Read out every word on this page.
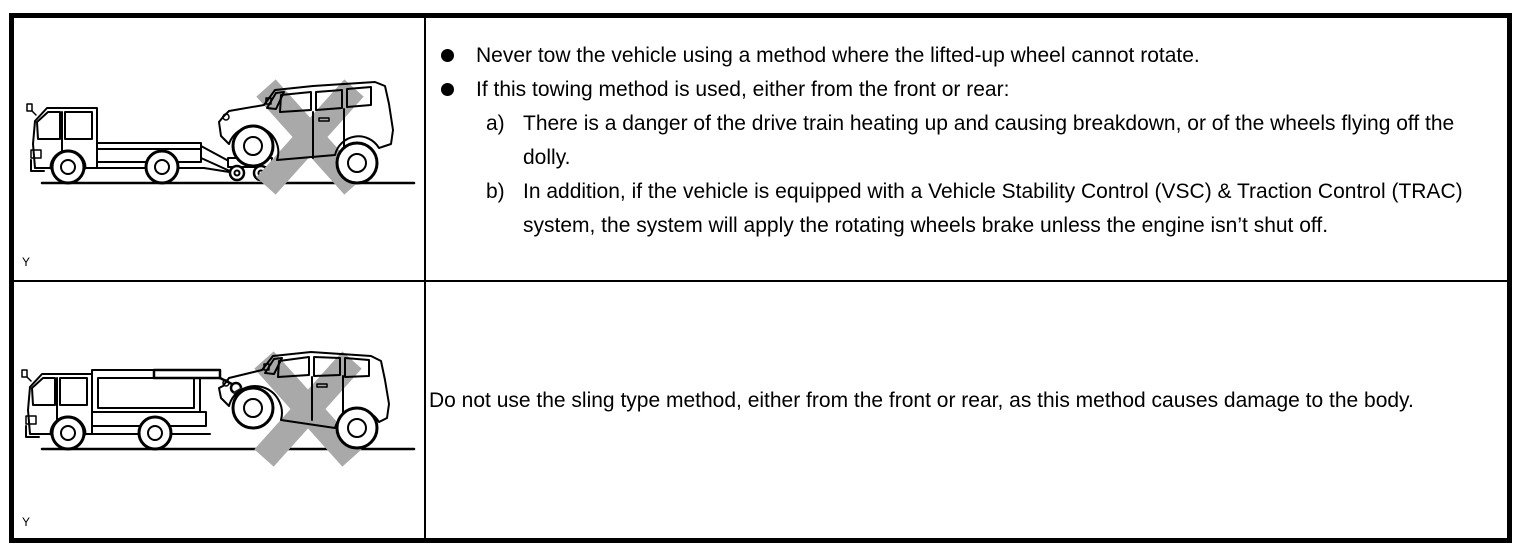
Y
Never tow the vehicle using a method where the lifted-up wheel cannot rotate.
If this towing method is used, either from the front or rear:
a) There is a danger of the drive train heating up and causing breakdown, or of the wheels flying off the dolly.
b) In addition, if the vehicle is equipped with a Vehicle Stability Control (VSC) & Traction Control (TRAC) system, the system will apply the rotating wheels brake unless the engine isn’t shut off.
Y

Do not use the sling type method, either from the front or rear, as this method causes damage to the body.
